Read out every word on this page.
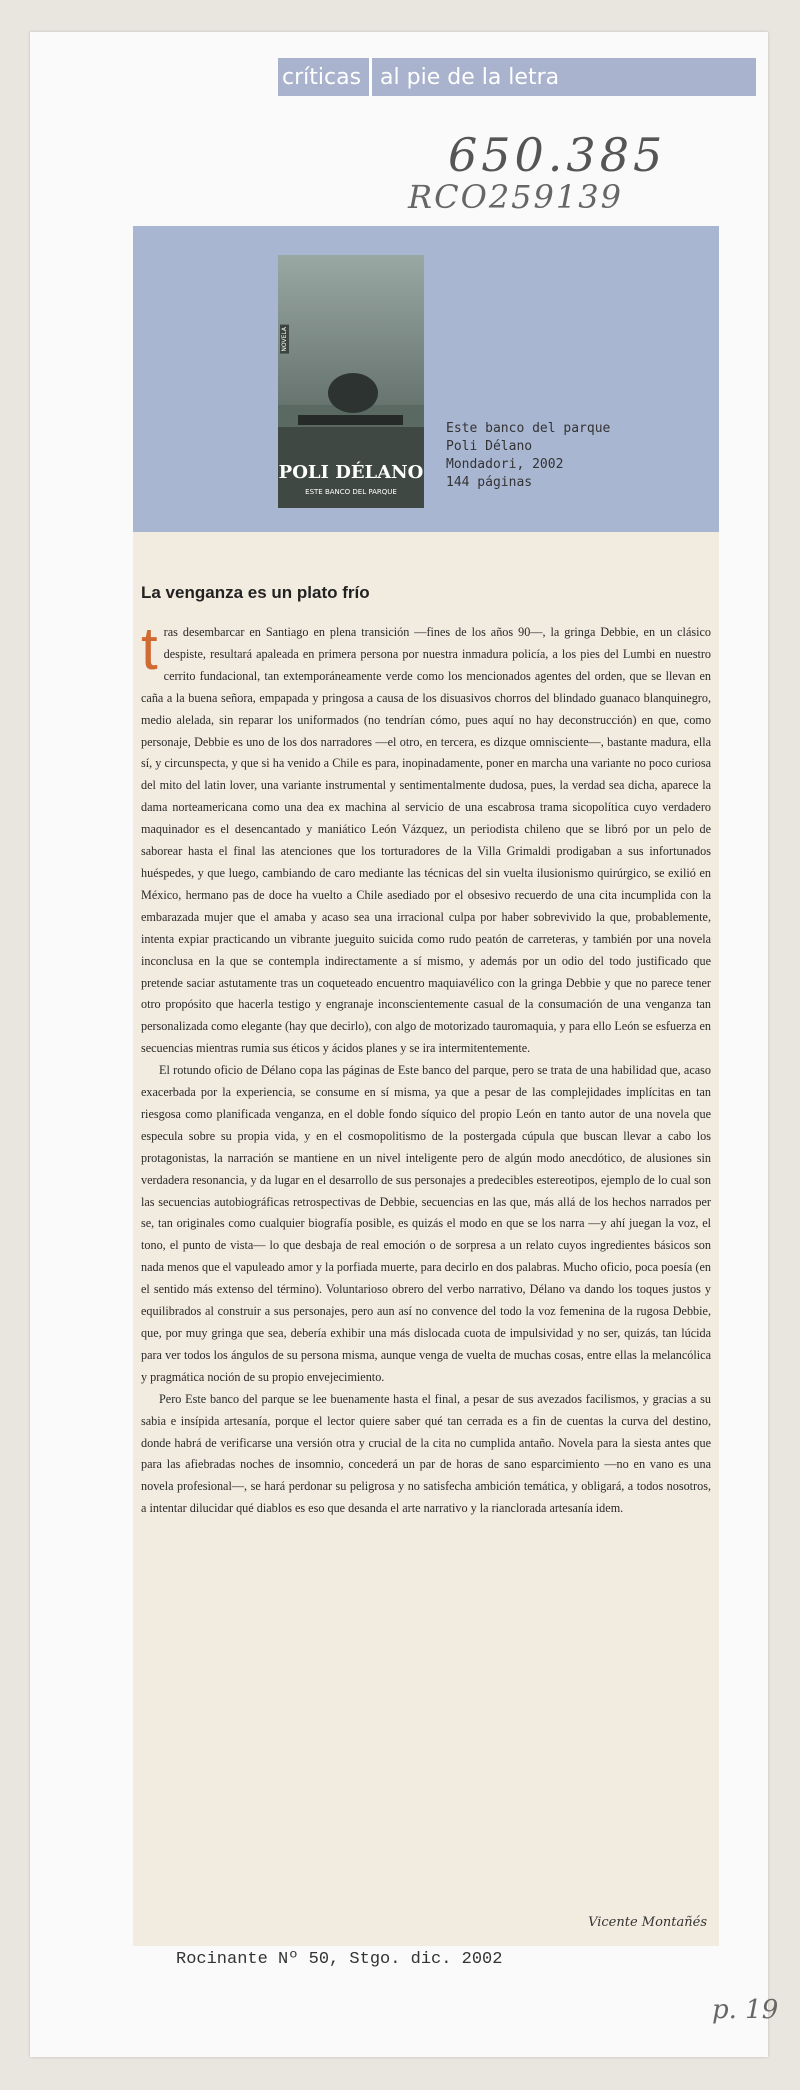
críticas al pie de la letra
650.385
RCO259139
NOVELA
POLI DÉLANO
ESTE BANCO DEL PARQUE
Este banco del parque
Poli Délano
Mondadori, 2002
144 páginas
La venganza es un plato frío

tras desembarcar en Santiago en plena transición —fines de los años 90—, la gringa Debbie, en un clásico despiste, resultará apaleada en primera persona por nuestra inmadura policía, a los pies del Lumbi en nuestro cerrito fundacional, tan extemporáneamente verde como los mencionados agentes del orden, que se llevan en caña a la buena señora, empapada y pringosa a causa de los disuasivos chorros del blindado guanaco blanquinegro, medio alelada, sin reparar los uniformados (no tendrían cómo, pues aquí no hay deconstrucción) en que, como personaje, Debbie es uno de los dos narradores —el otro, en tercera, es dizque omnisciente—, bastante madura, ella sí, y circunspecta, y que si ha venido a Chile es para, inopinadamente, poner en marcha una variante no poco curiosa del mito del latin lover, una variante instrumental y sentimentalmente dudosa, pues, la verdad sea dicha, aparece la dama norteamericana como una dea ex machina al servicio de una escabrosa trama sicopolítica cuyo verdadero maquinador es el desencantado y maniático León Vázquez, un periodista chileno que se libró por un pelo de saborear hasta el final las atenciones que los torturadores de la Villa Grimaldi prodigaban a sus infortunados huéspedes, y que luego, cambiando de caro mediante las técnicas del sin vuelta ilusionismo quirúrgico, se exilió en México, hermano pas de doce ha vuelto a Chile asediado por el obsesivo recuerdo de una cita incumplida con la embarazada mujer que el amaba y acaso sea una irracional culpa por haber sobrevivido la que, probablemente, intenta expiar practicando un vibrante jueguito suicida como rudo peatón de carreteras, y también por una novela inconclusa en la que se contempla indirectamente a sí mismo, y además por un odio del todo justificado que pretende saciar astutamente tras un coqueteado encuentro maquiavélico con la gringa Debbie y que no parece tener otro propósito que hacerla testigo y engranaje inconscientemente casual de la consumación de una venganza tan personalizada como elegante (hay que decirlo), con algo de motorizado tauromaquia, y para ello León se esfuerza en secuencias mientras rumia sus éticos y ácidos planes y se ira intermitentemente.

El rotundo oficio de Délano copa las páginas de Este banco del parque, pero se trata de una habilidad que, acaso exacerbada por la experiencia, se consume en sí misma, ya que a pesar de las complejidades implícitas en tan riesgosa como planificada venganza, en el doble fondo síquico del propio León en tanto autor de una novela que especula sobre su propia vida, y en el cosmopolitismo de la postergada cúpula que buscan llevar a cabo los protagonistas, la narración se mantiene en un nivel inteligente pero de algún modo anecdótico, de alusiones sin verdadera resonancia, y da lugar en el desarrollo de sus personajes a predecibles estereotipos, ejemplo de lo cual son las secuencias autobiográficas retrospectivas de Debbie, secuencias en las que, más allá de los hechos narrados per se, tan originales como cualquier biografía posible, es quizás el modo en que se los narra —y ahí juegan la voz, el tono, el punto de vista— lo que desbaja de real emoción o de sorpresa a un relato cuyos ingredientes básicos son nada menos que el vapuleado amor y la porfiada muerte, para decirlo en dos palabras. Mucho oficio, poca poesía (en el sentido más extenso del término). Voluntarioso obrero del verbo narrativo, Délano va dando los toques justos y equilibrados al construir a sus personajes, pero aun así no convence del todo la voz femenina de la rugosa Debbie, que, por muy gringa que sea, debería exhibir una más dislocada cuota de impulsividad y no ser, quizás, tan lúcida para ver todos los ángulos de su persona misma, aunque venga de vuelta de muchas cosas, entre ellas la melancólica y pragmática noción de su propio envejecimiento.

Pero Este banco del parque se lee buenamente hasta el final, a pesar de sus avezados facilismos, y gracias a su sabia e insípida artesanía, porque el lector quiere saber qué tan cerrada es a fin de cuentas la curva del destino, donde habrá de verificarse una versión otra y crucial de la cita no cumplida antaño. Novela para la siesta antes que para las afiebradas noches de insomnio, concederá un par de horas de sano esparcimiento —no en vano es una novela profesional—, se hará perdonar su peligrosa y no satisfecha ambición temática, y obligará, a todos nosotros, a intentar dilucidar qué diablos es eso que desanda el arte narrativo y la rianclorada artesanía idem.

Vicente Montañés
Rocinante Nº 50, Stgo. dic. 2002
p. 19
